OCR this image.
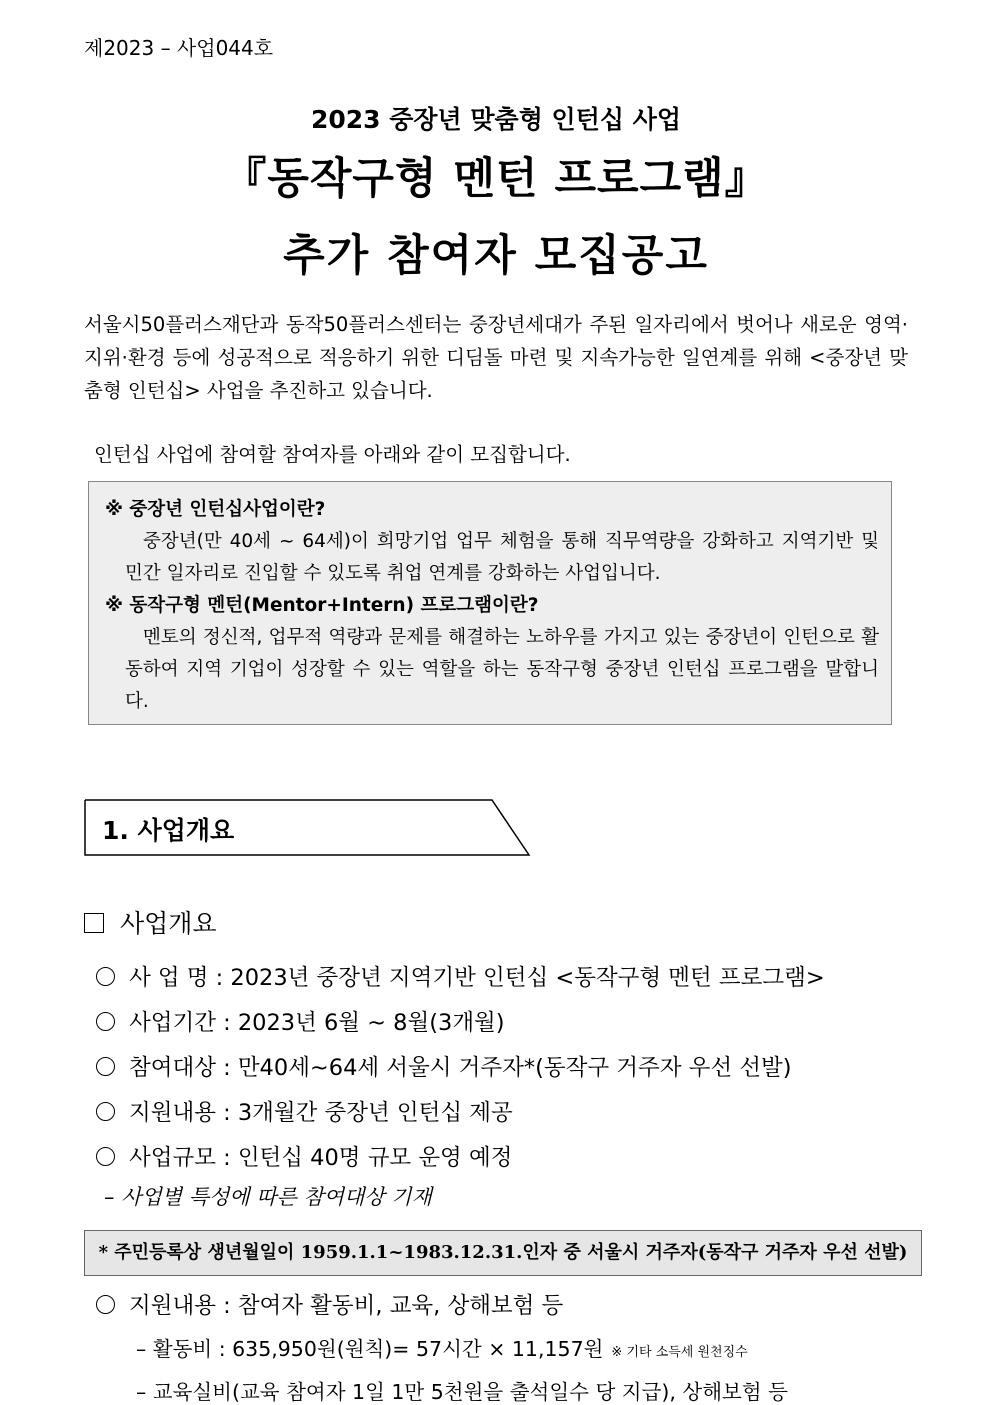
제2023 – 사업044호
2023 중장년 맞춤형 인턴십 사업
『동작구형 멘턴 프로그램』
추가 참여자 모집공고
서울시50플러스재단과 동작50플러스센터는 중장년세대가 주된 일자리에서 벗어나 새로운 영역·지위·환경 등에 성공적으로 적응하기 위한 디딤돌 마련 및 지속가능한 일연계를 위해 <중장년 맞춤형 인턴십> 사업을 추진하고 있습니다.
인턴십 사업에 참여할 참여자를 아래와 같이 모집합니다.
※ 중장년 인턴십사업이란?
중장년(만 40세 ~ 64세)이 희망기업 업무 체험을 통해 직무역량을 강화하고 지역기반 및 민간 일자리로 진입할 수 있도록 취업 연계를 강화하는 사업입니다.
※ 동작구형 멘턴(Mentor+Intern) 프로그램이란?
멘토의 정신적, 업무적 역량과 문제를 해결하는 노하우를 가지고 있는 중장년이 인턴으로 활동하여 지역 기업이 성장할 수 있는 역할을 하는 동작구형 중장년 인턴십 프로그램을 말합니다.
1. 사업개요
사업개요
사 업 명 : 2023년 중장년 지역기반 인턴십 <동작구형 멘턴 프로그램>
사업기간 : 2023년 6월 ~ 8월(3개월)
참여대상 : 만40세~64세 서울시 거주자*(동작구 거주자 우선 선발)
지원내용 : 3개월간 중장년 인턴십 제공
사업규모 : 인턴십 40명 규모 운영 예정
– 사업별 특성에 따른 참여대상 기재
* 주민등록상 생년월일이 1959.1.1~1983.12.31.인자 중 서울시 거주자(동작구 거주자 우선 선발)
지원내용 : 참여자 활동비, 교육, 상해보험 등
– 활동비 : 635,950원(원칙)= 57시간 × 11,157원 ※ 기타 소득세 원천징수
– 교육실비(교육 참여자 1일 1만 5천원을 출석일수 당 지급), 상해보험 등
